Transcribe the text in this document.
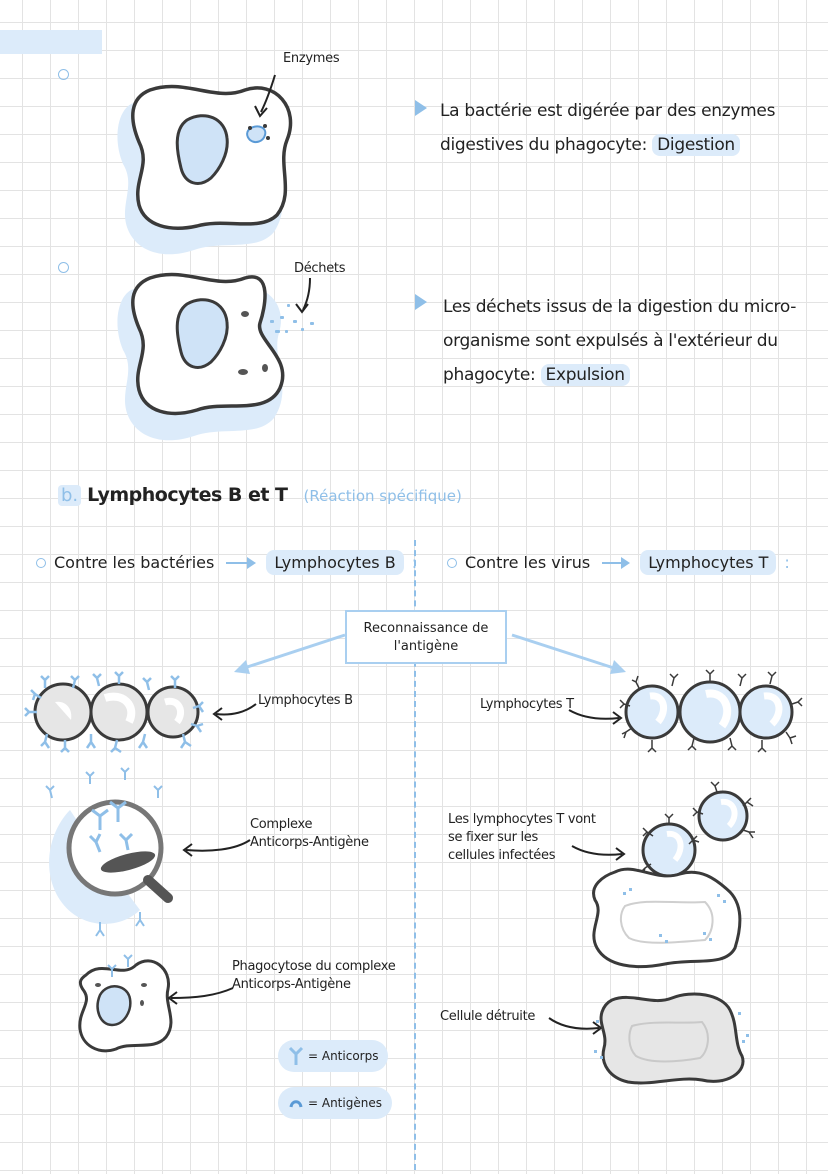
Enzymes
La bactérie est digérée par des enzymes
digestives du phagocyte: Digestion
Déchets
Les déchets issus de la digestion du micro-
organisme sont expulsés à l'extérieur du
phagocyte: Expulsion
b. Lymphocytes B et T (Réaction spécifique)
Contre les bactéries	Lymphocytes B	:	Contre les virus	Lymphocytes T	:
Reconnaissance de
l'antigène
Lymphocytes B
Complexe
Anticorps-Antigène
Phagocytose du complexe
Anticorps-Antigène
= Anticorps
= Antigènes
Lymphocytes T
Les lymphocytes T vont
se fixer sur les
cellules infectées
Cellule détruite
